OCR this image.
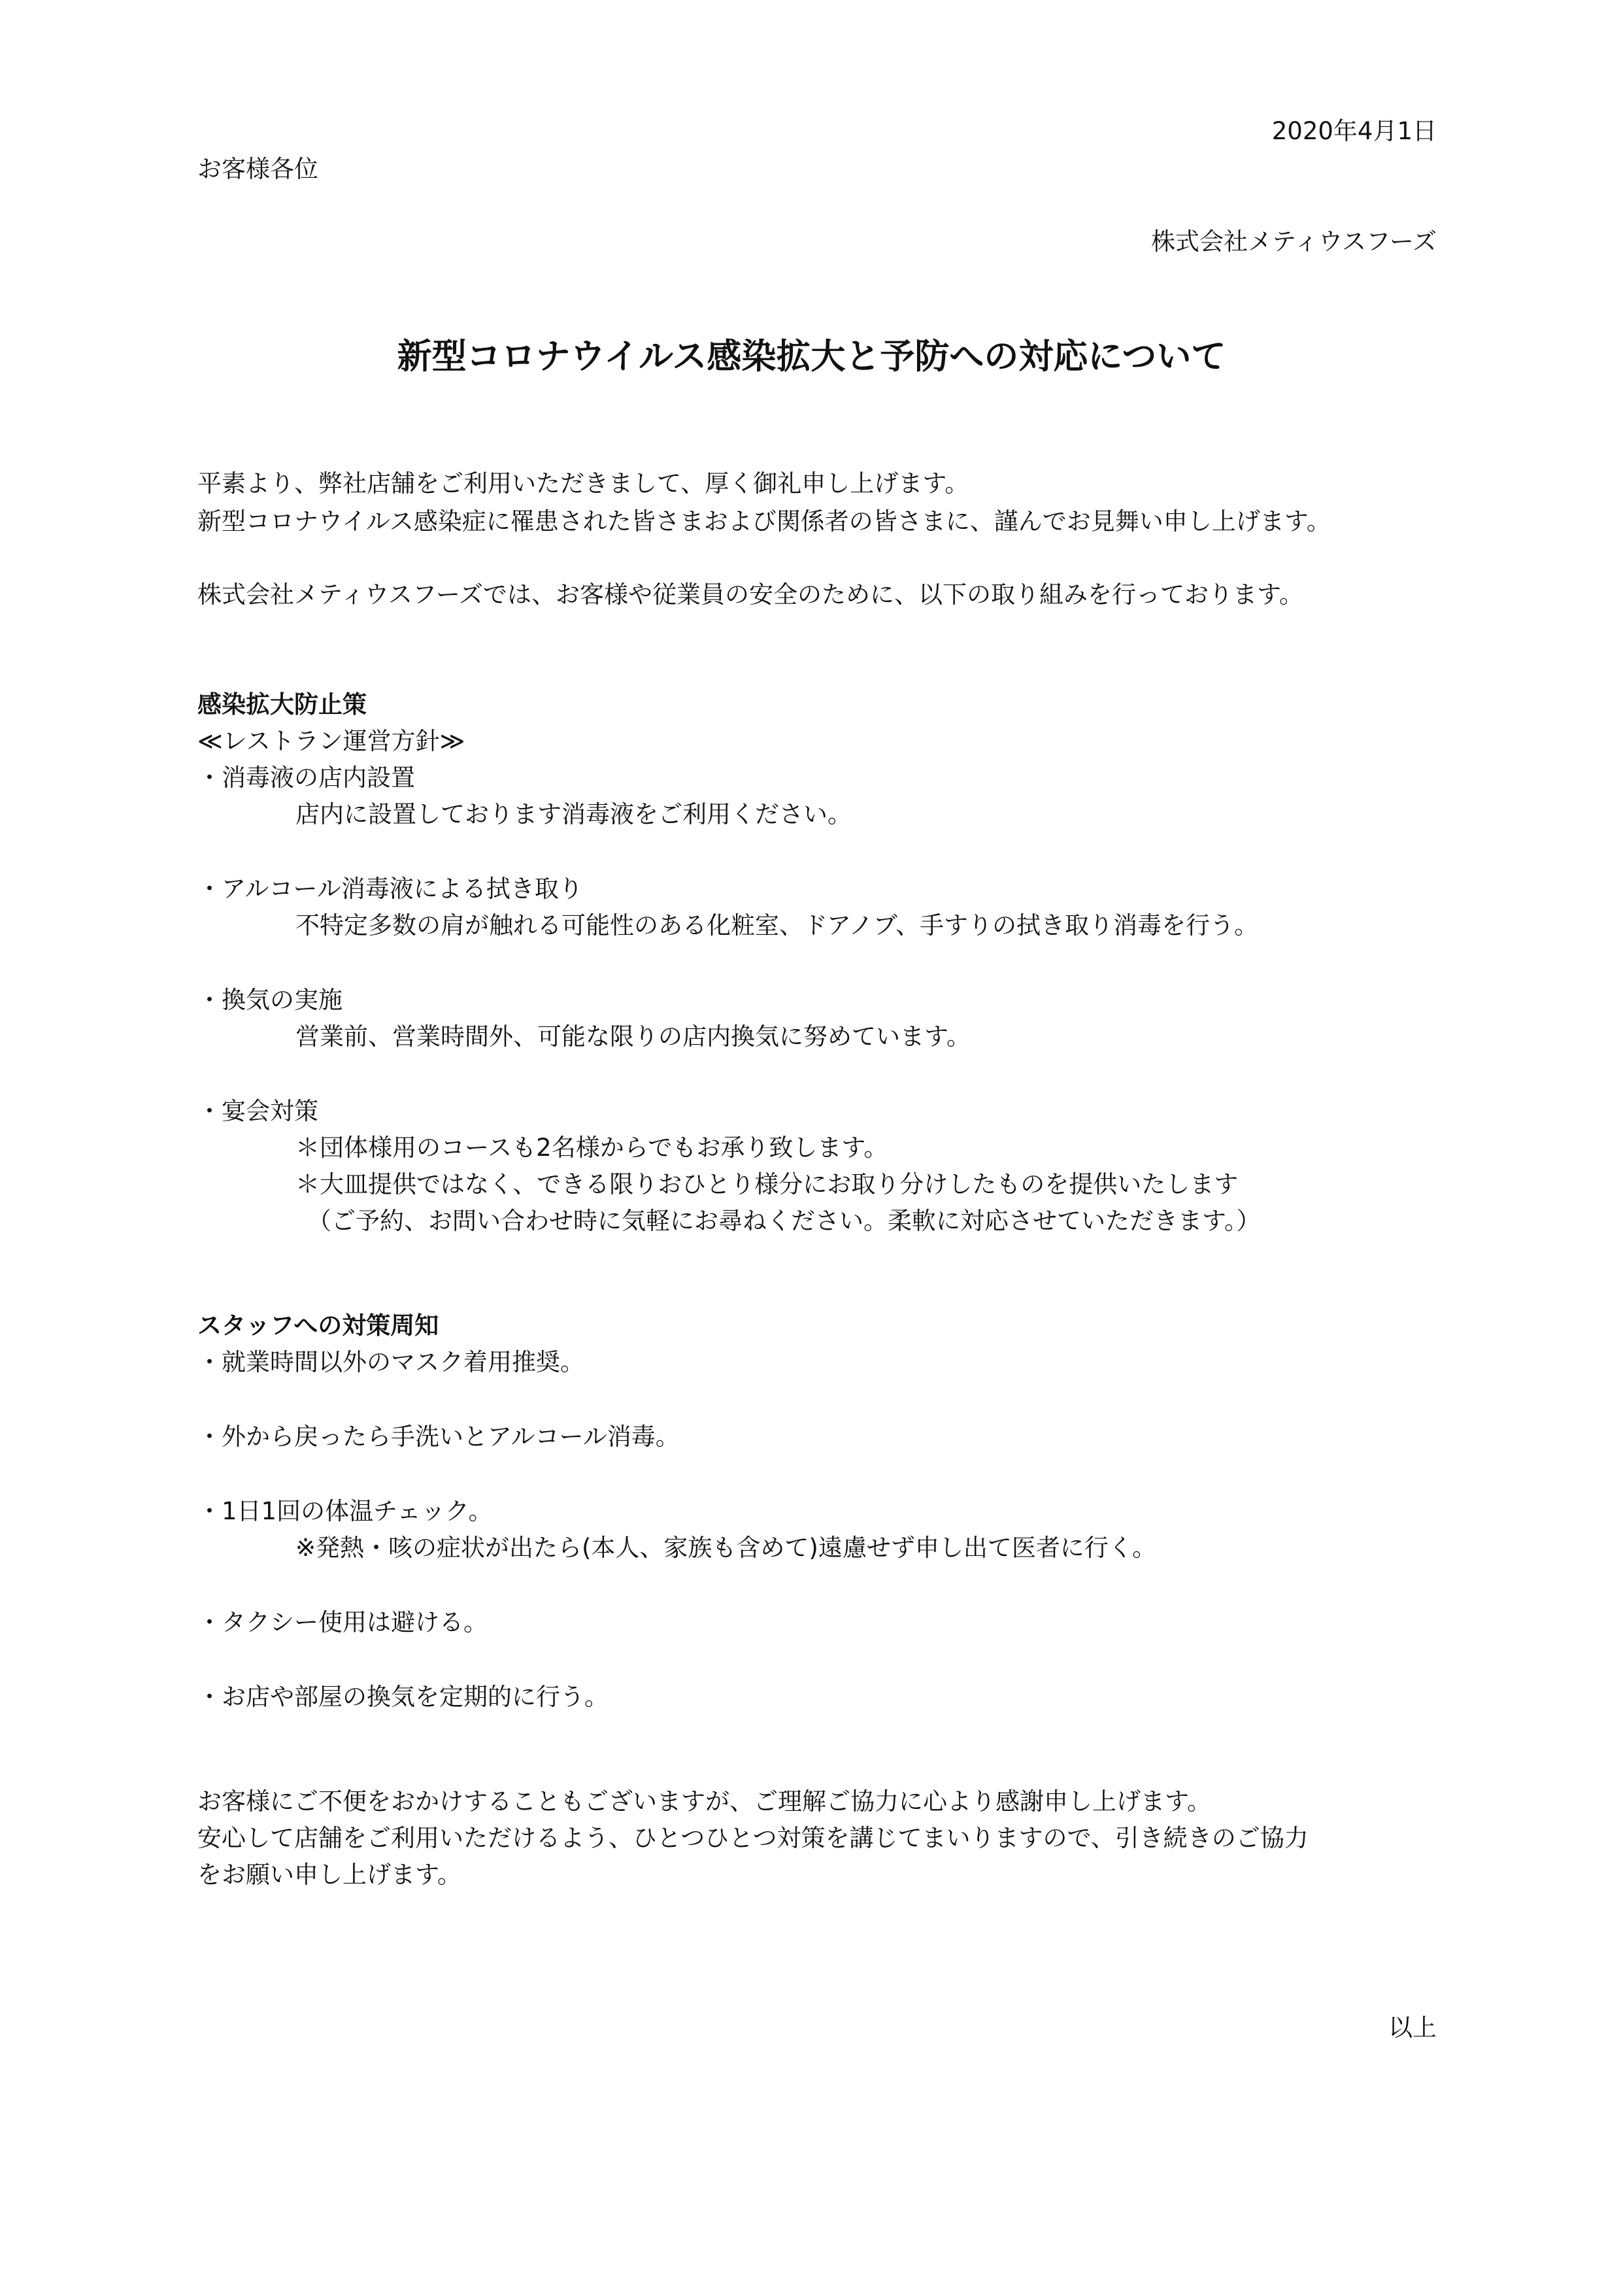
2020年4月1日

お客様各位

株式会社メティウスフーズ

新型コロナウイルス感染拡大と予防への対応について

平素より、弊社店舗をご利用いただきまして、厚く御礼申し上げます。

新型コロナウイルス感染症に罹患された皆さまおよび関係者の皆さまに、謹んでお見舞い申し上げます。

株式会社メティウスフーズでは、お客様や従業員の安全のために、以下の取り組みを行っております。

感染拡大防止策

≪レストラン運営方針≫

・消毒液の店内設置

店内に設置しております消毒液をご利用ください。

・アルコール消毒液による拭き取り

不特定多数の肩が触れる可能性のある化粧室、ドアノブ、手すりの拭き取り消毒を行う。

・換気の実施

営業前、営業時間外、可能な限りの店内換気に努めています。

・宴会対策

＊団体様用のコースも2名様からでもお承り致します。

＊大皿提供ではなく、できる限りおひとり様分にお取り分けしたものを提供いたします

（ご予約、お問い合わせ時に気軽にお尋ねください。柔軟に対応させていただきます。）

スタッフへの対策周知

・就業時間以外のマスク着用推奨。

・外から戻ったら手洗いとアルコール消毒。

・1日1回の体温チェック。

※発熱・咳の症状が出たら(本人、家族も含めて)遠慮せず申し出て医者に行く。

・タクシー使用は避ける。

・お店や部屋の換気を定期的に行う。

お客様にご不便をおかけすることもございますが、ご理解ご協力に心より感謝申し上げます。

安心して店舗をご利用いただけるよう、ひとつひとつ対策を講じてまいりますので、引き続きのご協力

をお願い申し上げます。

以上
